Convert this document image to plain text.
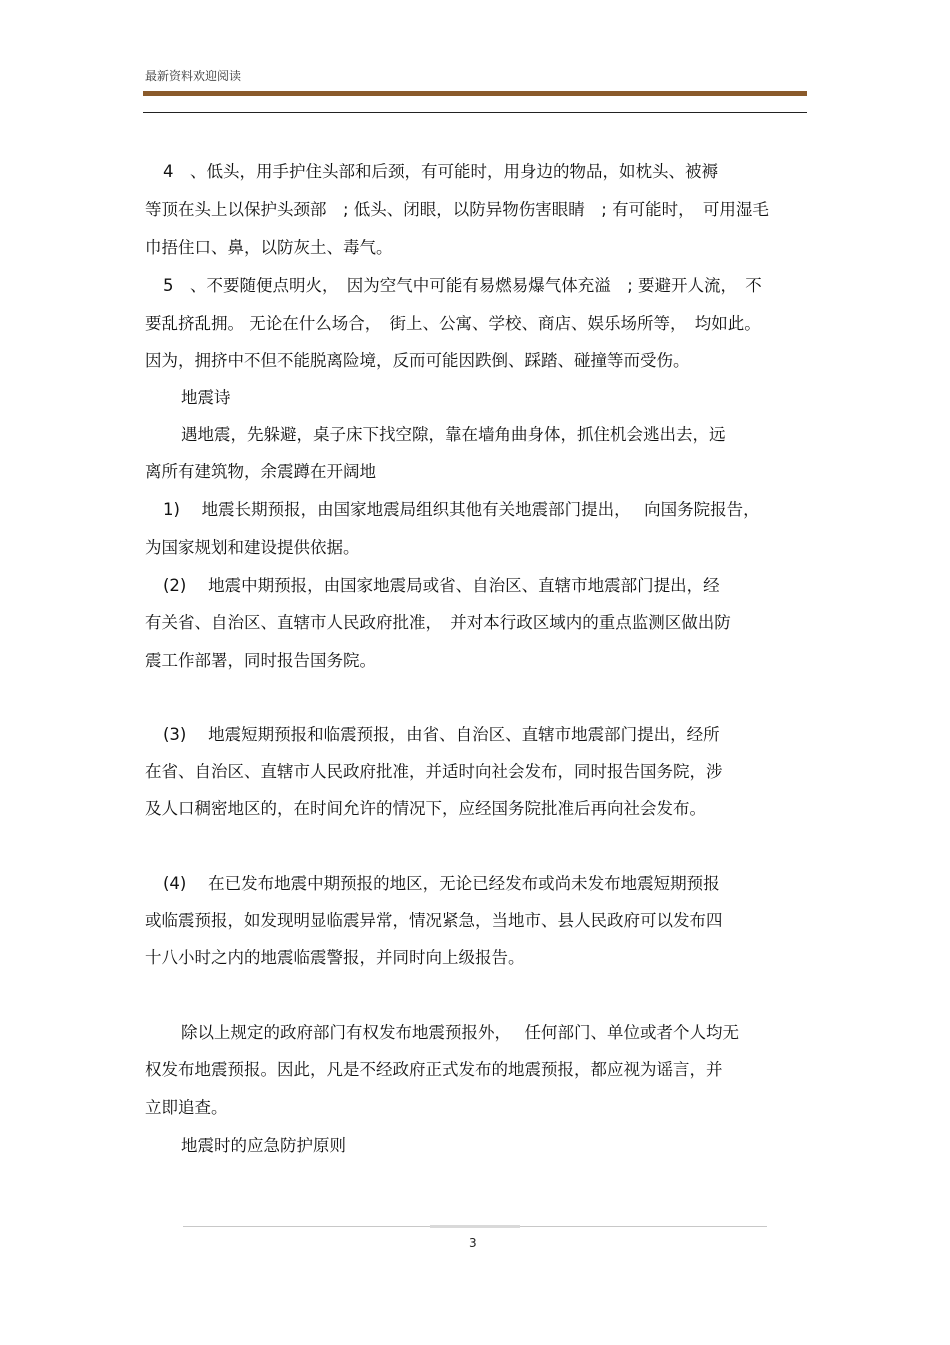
最新资料欢迎阅读
4　、低头，用手护住头部和后颈，有可能时，用身边的物品，如枕头、被褥
等顶在头上以保护头颈部　; 低头、闭眼，以防异物伤害眼睛　; 有可能时，　可用湿毛
巾捂住口、鼻，以防灰土、毒气。
5　、不要随便点明火，　因为空气中可能有易燃易爆气体充溢　; 要避开人流，　不
要乱挤乱拥。 无论在什么场合，　街上、公寓、学校、商店、娱乐场所等，　均如此。
因为，拥挤中不但不能脱离险境，反而可能因跌倒、踩踏、碰撞等而受伤。
地震诗
遇地震，先躲避，桌子床下找空隙，靠在墙角曲身体，抓住机会逃出去，远
离所有建筑物，余震蹲在开阔地
1)　 地震长期预报，由国家地震局组织其他有关地震部门提出，　 向国务院报告，
为国家规划和建设提供依据。
(2)　 地震中期预报，由国家地震局或省、自治区、直辖市地震部门提出，经
有关省、自治区、直辖市人民政府批准，　并对本行政区域内的重点监测区做出防
震工作部署，同时报告国务院。
(3)　 地震短期预报和临震预报，由省、自治区、直辖市地震部门提出，经所
在省、自治区、直辖市人民政府批准，并适时向社会发布，同时报告国务院，涉
及人口稠密地区的，在时间允许的情况下，应经国务院批准后再向社会发布。
(4)　 在已发布地震中期预报的地区，无论已经发布或尚未发布地震短期预报
或临震预报，如发现明显临震异常，情况紧急，当地市、县人民政府可以发布四
十八小时之内的地震临震警报，并同时向上级报告。
除以上规定的政府部门有权发布地震预报外，　 任何部门、单位或者个人均无
权发布地震预报。因此，凡是不经政府正式发布的地震预报，都应视为谣言，并
立即追查。
地震时的应急防护原则
3
